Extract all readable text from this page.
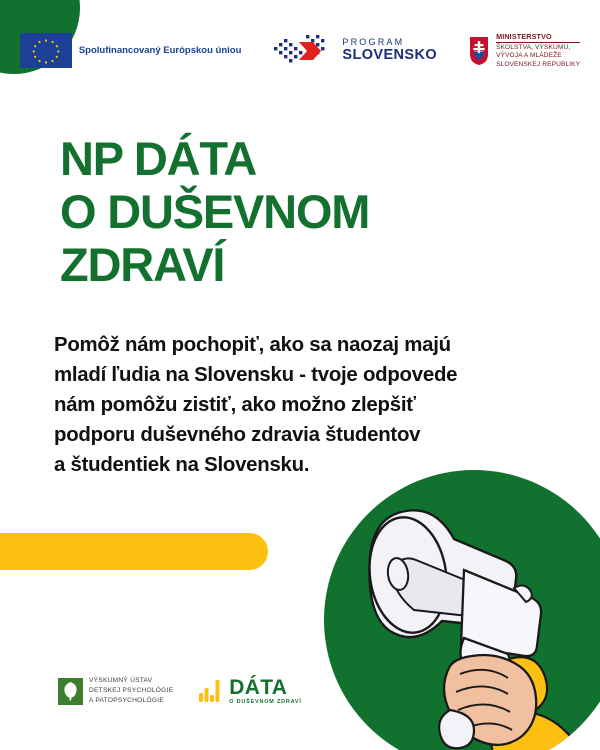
Spolufinancovaný Európskou úniou
PROGRAM
SLOVENSKO
MINISTERSTVO
ŠKOLSTVA, VÝSKUMU,
VÝVOJA A MLÁDEŽE
SLOVENSKEJ REPUBLIKY
NP DÁTA
O DUŠEVNOM
ZDRAVÍ

Pomôž nám pochopiť, ako sa naozaj majú
mladí ľudia na Slovensku - tvoje odpovede
nám pomôžu zistiť, ako možno zlepšiť
podporu duševného zdravia študentov
a študentiek na Slovensku.

VÝSKUMNÝ ÚSTAV
DETSKEJ PSYCHOLÓGIE
A PATOPSYCHOLÓGIE
DÁTA
O DUŠEVNOM ZDRAVÍ
